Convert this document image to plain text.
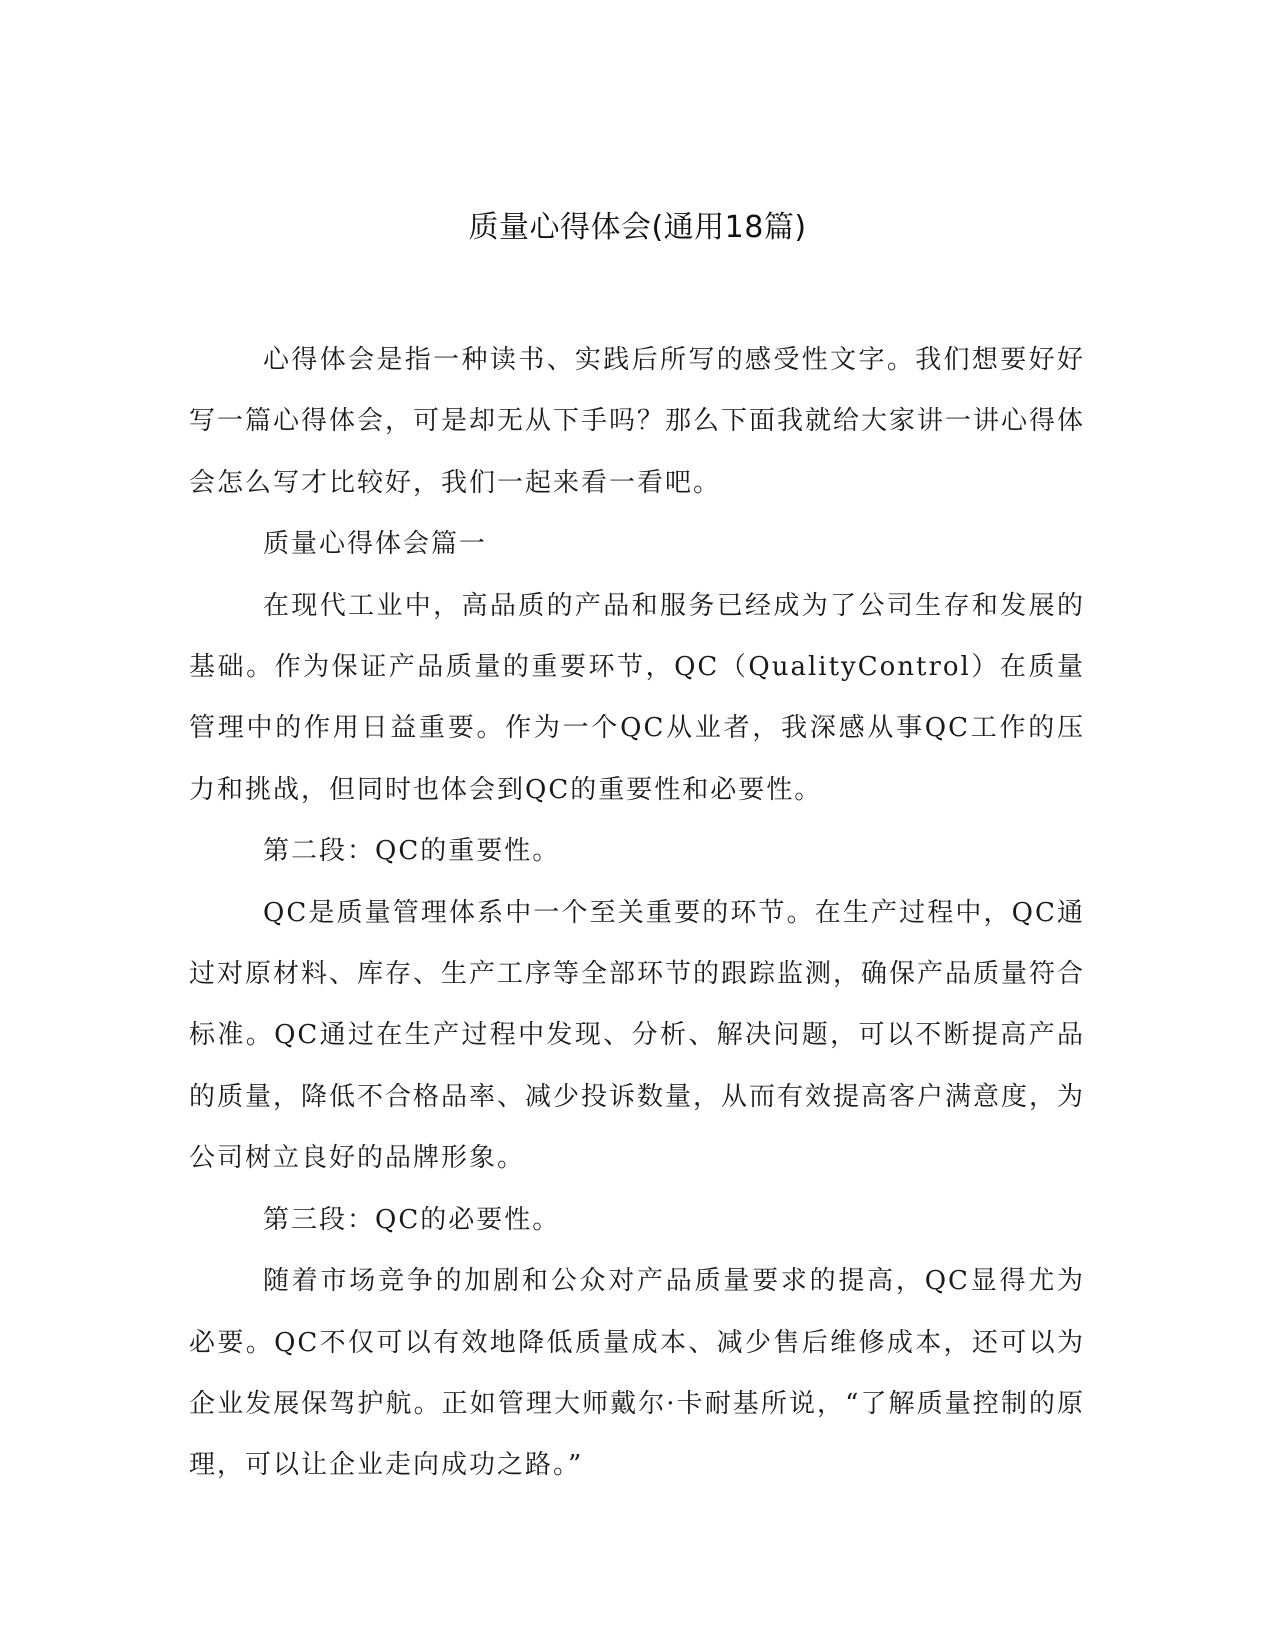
质量心得体会(通用18篇)

心得体会是指一种读书、实践后所写的感受性文字。我们想要好好写一篇心得体会，可是却无从下手吗？那么下面我就给大家讲一讲心得体会怎么写才比较好，我们一起来看一看吧。

质量心得体会篇一

在现代工业中，高品质的产品和服务已经成为了公司生存和发展的基础。作为保证产品质量的重要环节，QC（QualityControl）在质量管理中的作用日益重要。作为一个QC从业者，我深感从事QC工作的压力和挑战，但同时也体会到QC的重要性和必要性。

第二段：QC的重要性。

QC是质量管理体系中一个至关重要的环节。在生产过程中，QC通过对原材料、库存、生产工序等全部环节的跟踪监测，确保产品质量符合标准。QC通过在生产过程中发现、分析、解决问题，可以不断提高产品的质量，降低不合格品率、减少投诉数量，从而有效提高客户满意度，为公司树立良好的品牌形象。

第三段：QC的必要性。

随着市场竞争的加剧和公众对产品质量要求的提高，QC显得尤为必要。QC不仅可以有效地降低质量成本、减少售后维修成本，还可以为企业发展保驾护航。正如管理大师戴尔·卡耐基所说，“了解质量控制的原理，可以让企业走向成功之路。”
